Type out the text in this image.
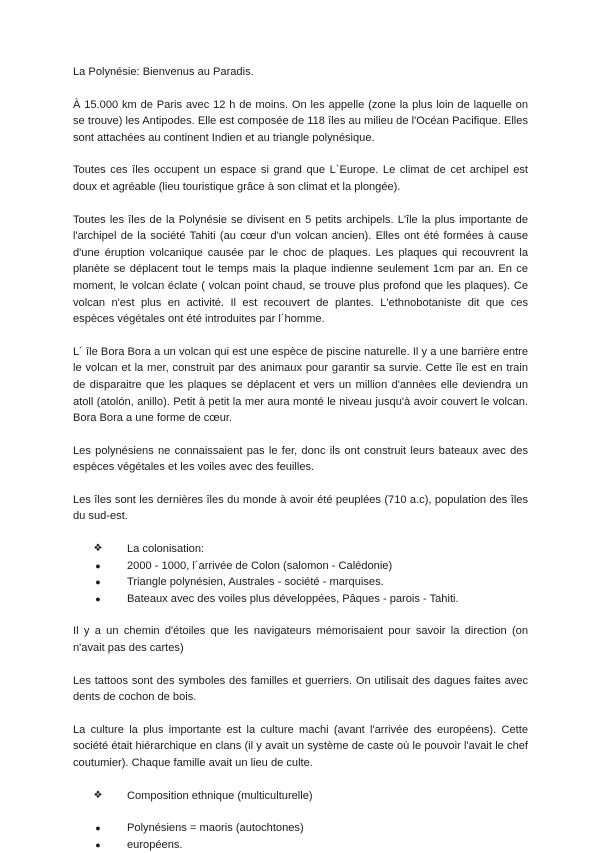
La Polynésie: Bienvenus au Paradis.

À 15.000 km de Paris avec 12 h de moins. On les appelle (zone la plus loin de laquelle on se trouve) les Antipodes. Elle est composée de 118 îles au milieu de l'Océan Pacifique. Elles sont attachées au continent Indien et au triangle polynésique.

Toutes ces îles occupent un espace si grand que L`Europe. Le climat de cet archipel est doux et agréable (lieu touristique grâce à son climat et la plongée).

Toutes les îles de la Polynésie se divisent en 5 petits archipels. L'île la plus importante de l'archipel de la société Tahiti (au cœur d'un volcan ancien). Elles ont été formées à cause d'une éruption volcanique causée par le choc de plaques. Les plaques qui recouvrent la planète se déplacent tout le temps mais la plaque indienne seulement 1cm par an. En ce moment, le volcan éclate ( volcan point chaud, se trouve plus profond que les plaques). Ce volcan n'est plus en activité. Il est recouvert de plantes. L'ethnobotaniste dit que ces espèces végétales ont été introduites par l´homme.

L´ île Bora Bora a un volcan qui est une espèce de piscine naturelle. Il y a une barrière entre le volcan et la mer, construit par des animaux pour garantir sa survie. Cette île est en train de disparaitre que les plaques se déplacent et vers un million d'années elle deviendra un atoll (atolón, anillo). Petit à petit la mer aura monté le niveau jusqu'à avoir couvert le volcan. Bora Bora a une forme de cœur.

Les polynésiens ne connaissaient pas le fer, donc ils ont construit leurs bateaux avec des espèces végétales et les voiles avec des feuilles.

Les îles sont les dernières îles du monde à avoir été peuplées (710 a.c), population des îles du sud-est.

❖ La colonisation:
●	2000 - 1000, l´arrivée de Colon (salomon - Calédonie)
●	Triangle polynésien, Australes - société - marquises.
●	Bateaux avec des voiles plus développées, Pâques - parois - Tahiti.

Il y a un chemin d'étoiles que les navigateurs mémorisaient pour savoir la direction (on n'avait pas des cartes)

Les tattoos sont des symboles des familles et guerriers. On utilisait des dagues faites avec dents de cochon de bois.

La culture la plus importante est la culture machi (avant l'arrivée des européens). Cette société était hiérarchique en clans (il y avait un système de caste où le pouvoir l'avait le chef coutumier). Chaque famille avait un lieu de culte.

❖ Composition ethnique (multiculturelle)
●	Polynésiens = maoris (autochtones)
●	européens.
